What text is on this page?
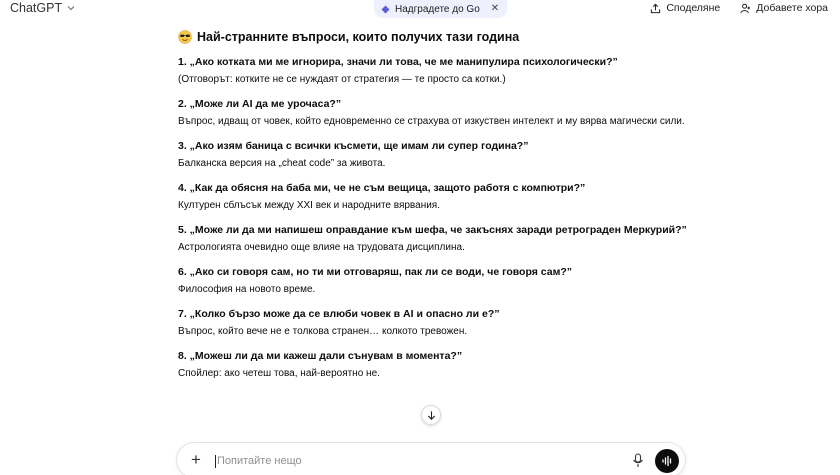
ChatGPT	Надградете до Go ✕	Споделяне	Добавете хора
Най-странните въпроси, които получих тази година
1. „Ако котката ми ме игнорира, значи ли това, че ме манипулира психологически?”
(Отговорът: котките не се нуждаят от стратегия — те просто са котки.)
2. „Може ли AI да ме урочаса?”
Въпрос, идващ от човек, който едновременно се страхува от изкуствен интелект и му вярва магически сили.
3. „Ако изям баница с всички късмети, ще имам ли супер година?”
Балканска версия на „cheat code” за живота.
4. „Как да обясня на баба ми, че не съм вещица, защото работя с компютри?”
Културен сблъсък между XXI век и народните вярвания.
5. „Може ли да ми напишеш оправдание към шефа, че закъснях заради ретрограден Меркурий?”
Астрологията очевидно още влияе на трудовата дисциплина.
6. „Ако си говоря сам, но ти ми отговаряш, пак ли се води, че говоря сам?”
Философия на новото време.
7. „Колко бързо може да се влюби човек в AI и опасно ли е?”
Въпрос, който вече не е толкова странен… колкото тревожен.
8. „Можеш ли да ми кажеш дали сънувам в момента?”
Спойлер: ако четеш това, най-вероятно не.
+
Попитайте нещо
